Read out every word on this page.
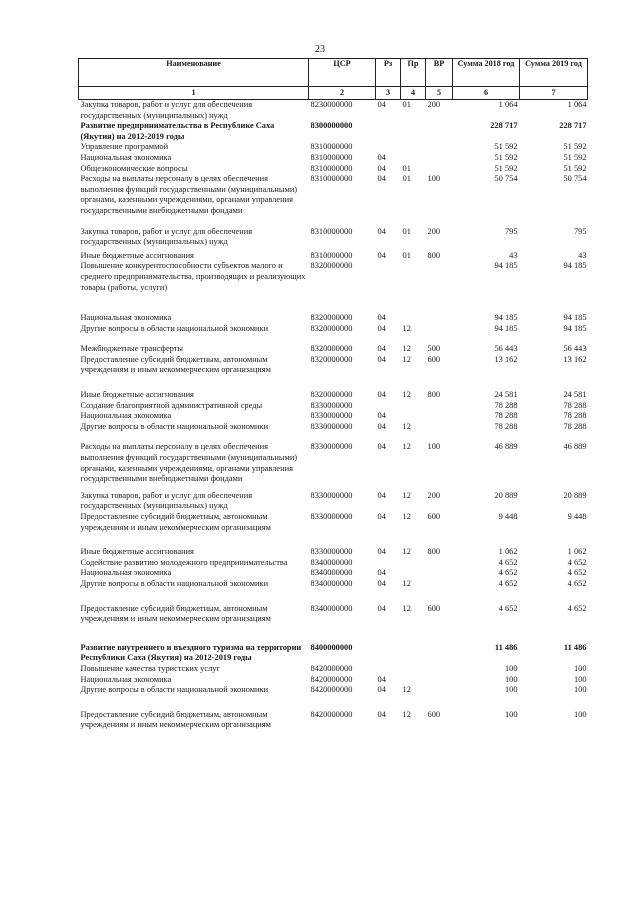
23
Наименование	ЦСР	Рз	Пр	ВР	Сумма 2018 год	Сумма 2019 год
1	2	3	4	5	6	7
Закупка товаров, работ и услуг для обеспечения государственных (муниципальных) нужд	8230000000	04	01	200	1 064	1 064
Развитие предпринимательства в Республике Саха (Якутия) на 2012-2019 годы	8300000000				228 717	228 717
Управление программой	8310000000				51 592	51 592
Национальная экономика	8310000000	04			51 592	51 592
Общеэкономические вопросы	8310000000	04	01		51 592	51 592
Расходы на выплаты персоналу в целях обеспечения выполнения функций государственными (муниципальными) органами, казенными учреждениями, органами управления государственными внебюджетными фондами	8310000000	04	01	100	50 754	50 754

Закупка товаров, работ и услуг для обеспечения государственных (муниципальных) нужд	8310000000	04	01	200	795	795

Иные бюджетные ассигнования	8310000000	04	01	800	43	43
Повышение конкурентоспособности субъектов малого и среднего предпринимательства, производящих и реализующих товары (работы, услуги)	8320000000				94 185	94 185

Национальная экономика	8320000000	04			94 185	94 185
Другие вопросы в области национальной экономики	8320000000	04	12		94 185	94 185

Межбюджетные трансферты	8320000000	04	12	500	56 443	56 443
Предоставление субсидий бюджетным, автономным учреждениям и иным некоммерческим организациям	8320000000	04	12	600	13 162	13 162

Иные бюджетные ассигнования	8320000000	04	12	800	24 581	24 581
Создание благоприятной административной среды	8330000000				78 288	78 288
Национальная экономика	8330000000	04			78 288	78 288
Другие вопросы в области национальной экономики	8330000000	04	12		78 288	78 288

Расходы на выплаты персоналу в целях обеспечения выполнения функций государственными (муниципальными) органами, казенными учреждениями, органами управления государственными внебюджетными фондами	8330000000	04	12	100	46 889	46 889

Закупка товаров, работ и услуг для обеспечения государственных (муниципальных) нужд	8330000000	04	12	200	20 889	20 889
Предоставление субсидий бюджетным, автономным учреждениям и иным некоммерческим организациям	8330000000	04	12	600	9 448	9 448

Иные бюджетные ассигнования	8330000000	04	12	800	1 062	1 062
Содействие развитию молодежного предпринимательства	8340000000				4 652	4 652
Национальная экономика	8340000000	04			4 652	4 652
Другие вопросы в области национальной экономики	8340000000	04	12		4 652	4 652

Предоставление субсидий бюджетным, автономным учреждениям и иным некоммерческим организациям	8340000000	04	12	600	4 652	4 652

Развитие внутреннего и въездного туризма на территории Республики Саха (Якутия) на 2012-2019 годы	8400000000				11 486	11 486
Повышение качества туристских услуг	8420000000				100	100
Национальная экономика	8420000000	04			100	100
Другие вопросы в области национальной экономики	8420000000	04	12		100	100

Предоставление субсидий бюджетным, автономным учреждениям и иным некоммерческим организациям	8420000000	04	12	600	100	100
